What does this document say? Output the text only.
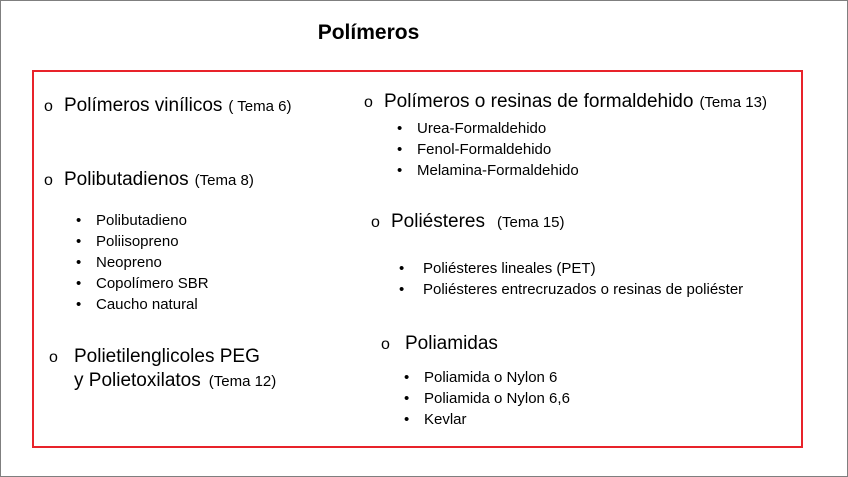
Polímeros
o Polímeros vinílicos ( Tema 6)
o Polibutadienos (Tema 8)
• Polibutadieno
• Poliisopreno
• Neopreno
• Copolímero SBR
• Caucho natural
o Polietilenglicoles PEG
y Polietoxilatos (Tema 12)
o Polímeros o resinas de formaldehido (Tema 13)
• Urea-Formaldehido
• Fenol-Formaldehido
• Melamina-Formaldehido
o Poliésteres (Tema 15)
• Poliésteres lineales (PET)
• Poliésteres entrecruzados o resinas de poliéster
o Poliamidas
• Poliamida o Nylon 6
• Poliamida o Nylon 6,6
• Kevlar
